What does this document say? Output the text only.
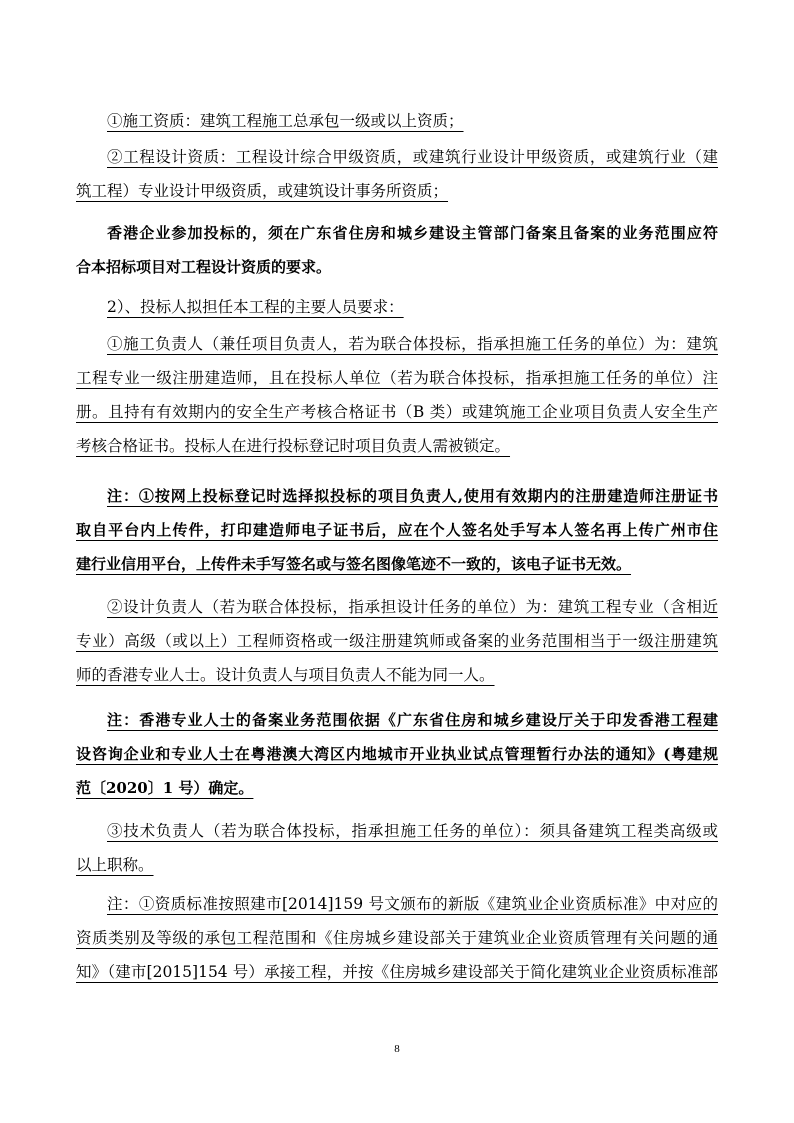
①施工资质：建筑工程施工总承包一级或以上资质；
②工程设计资质：工程设计综合甲级资质，或建筑行业设计甲级资质，或建筑行业（建
筑工程）专业设计甲级资质，或建筑设计事务所资质；
香港企业参加投标的，须在广东省住房和城乡建设主管部门备案且备案的业务范围应符
合本招标项目对工程设计资质的要求。
2）、投标人拟担任本工程的主要人员要求：
①施工负责人（兼任项目负责人，若为联合体投标，指承担施工任务的单位）为：建筑
工程专业一级注册建造师，且在投标人单位（若为联合体投标，指承担施工任务的单位）注
册。且持有有效期内的安全生产考核合格证书（B 类）或建筑施工企业项目负责人安全生产
考核合格证书。投标人在进行投标登记时项目负责人需被锁定。
注：①按网上投标登记时选择拟投标的项目负责人,使用有效期内的注册建造师注册证书
取自平台内上传件，打印建造师电子证书后，应在个人签名处手写本人签名再上传广州市住
建行业信用平台，上传件未手写签名或与签名图像笔迹不一致的，该电子证书无效。
②设计负责人（若为联合体投标，指承担设计任务的单位）为：建筑工程专业（含相近
专业）高级（或以上）工程师资格或一级注册建筑师或备案的业务范围相当于一级注册建筑
师的香港专业人士。设计负责人与项目负责人不能为同一人。
注：香港专业人士的备案业务范围依据《广东省住房和城乡建设厅关于印发香港工程建
设咨询企业和专业人士在粤港澳大湾区内地城市开业执业试点管理暂行办法的通知》(粤建规
范〔2020〕1 号）确定。
③技术负责人（若为联合体投标，指承担施工任务的单位）：须具备建筑工程类高级或
以上职称。
注：①资质标准按照建市[2014]159 号文颁布的新版《建筑业企业资质标准》中对应的
资质类别及等级的承包工程范围和《住房城乡建设部关于建筑业企业资质管理有关问题的通
知》（建市[2015]154 号）承接工程，并按《住房城乡建设部关于简化建筑业企业资质标准部
8
